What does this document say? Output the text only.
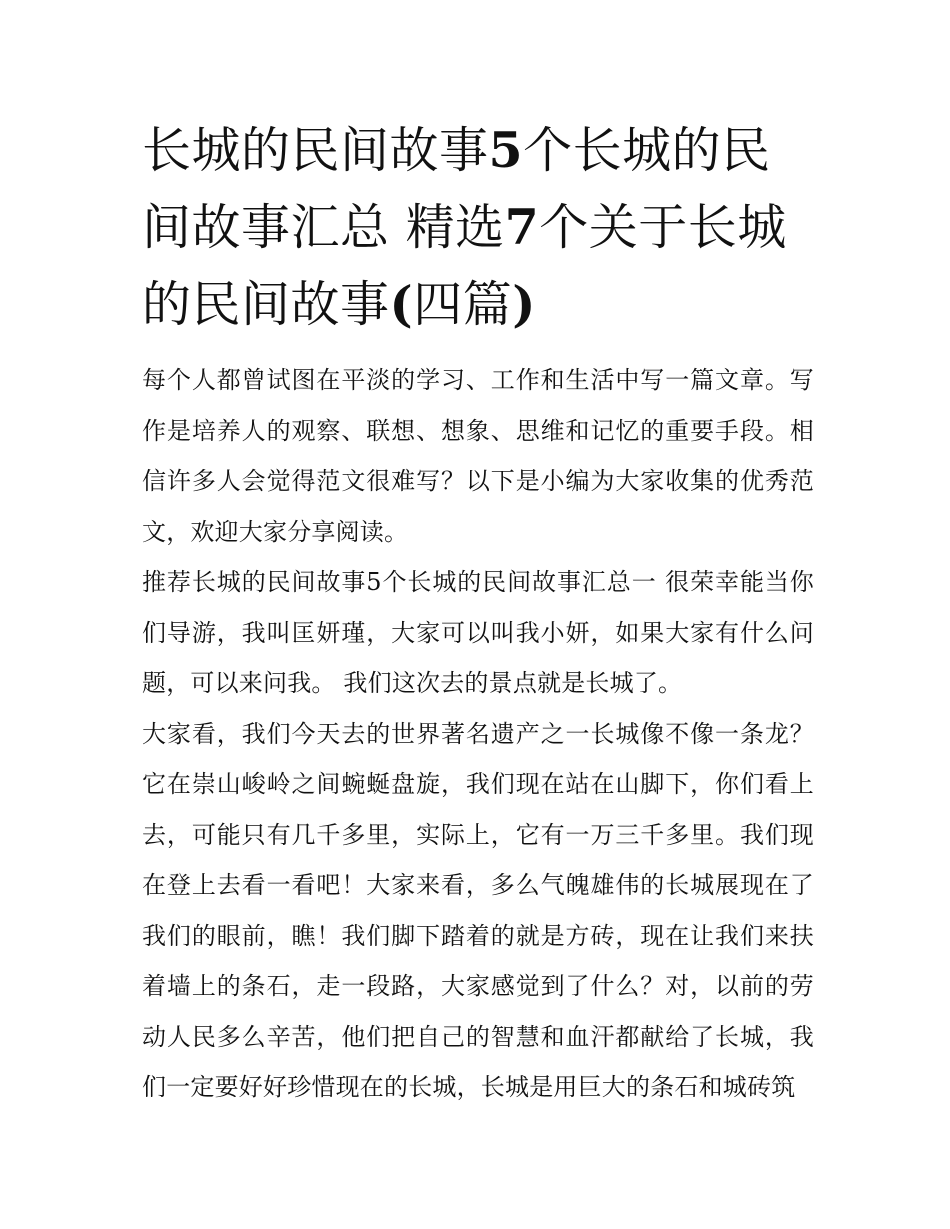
长城的民间故事5个长城的民间故事汇总 精选7个关于长城的民间故事(四篇)

每个人都曾试图在平淡的学习、工作和生活中写一篇文章。写作是培养人的观察、联想、想象、思维和记忆的重要手段。相信许多人会觉得范文很难写？以下是小编为大家收集的优秀范文，欢迎大家分享阅读。

推荐长城的民间故事5个长城的民间故事汇总一 很荣幸能当你们导游，我叫匡妍瑾，大家可以叫我小妍，如果大家有什么问题，可以来问我。 我们这次去的景点就是长城了。

大家看，我们今天去的世界著名遗产之一长城像不像一条龙？它在崇山峻岭之间蜿蜒盘旋，我们现在站在山脚下，你们看上去，可能只有几千多里，实际上，它有一万三千多里。我们现在登上去看一看吧！大家来看，多么气魄雄伟的长城展现在了我们的眼前，瞧！我们脚下踏着的就是方砖，现在让我们来扶着墙上的条石，走一段路，大家感觉到了什么？对，以前的劳动人民多么辛苦，他们把自己的智慧和血汗都献给了长城，我们一定要好好珍惜现在的长城，长城是用巨大的条石和城砖筑
